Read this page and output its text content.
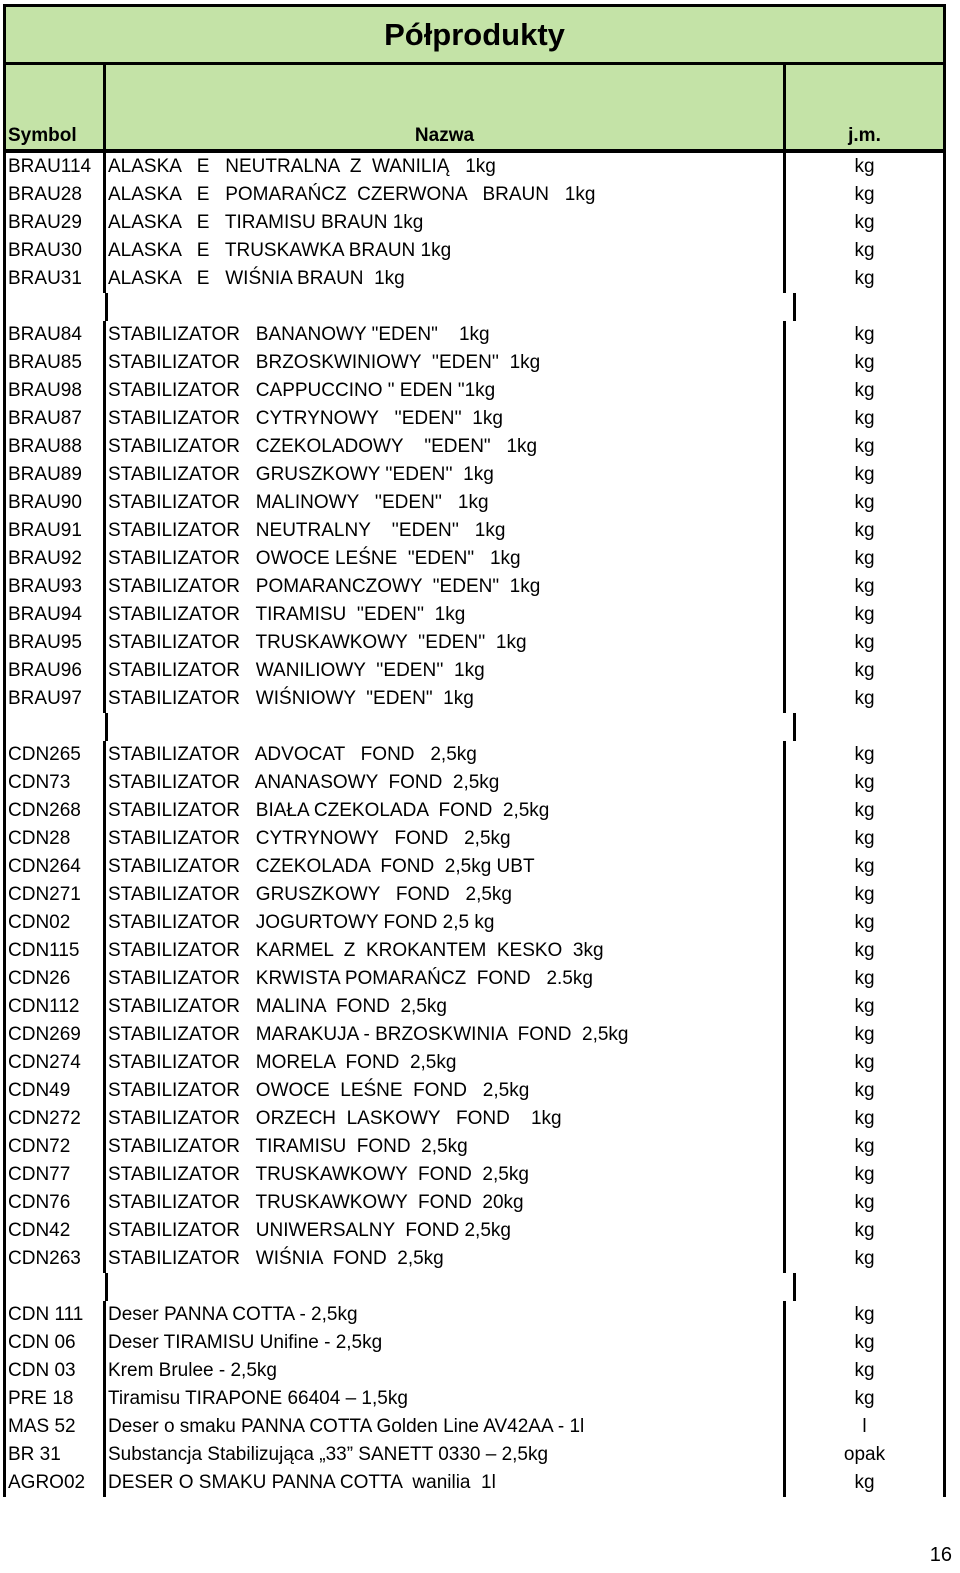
Półprodukty
Symbol	Nazwa	j.m.
BRAU114 ALASKA   E   NEUTRALNA  Z  WANILIĄ   1kg	kg
BRAU28	ALASKA   E   POMARAŃCZ  CZERWONA   BRAUN   1kg	kg
BRAU29	ALASKA   E   TIRAMISU BRAUN 1kg	kg
BRAU30	ALASKA   E   TRUSKAWKA BRAUN 1kg	kg
BRAU31	ALASKA   E   WIŚNIA BRAUN  1kg	kg
BRAU84	STABILIZATOR   BANANOWY "EDEN"    1kg	kg
BRAU85	STABILIZATOR   BRZOSKWINIOWY  ''EDEN''  1kg	kg
BRAU98	STABILIZATOR   CAPPUCCINO " EDEN "1kg	kg
BRAU87	STABILIZATOR   CYTRYNOWY   ''EDEN''  1kg	kg
BRAU88	STABILIZATOR   CZEKOLADOWY    "EDEN"   1kg	kg
BRAU89	STABILIZATOR   GRUSZKOWY ''EDEN''  1kg	kg
BRAU90	STABILIZATOR   MALINOWY   ''EDEN''   1kg	kg
BRAU91	STABILIZATOR   NEUTRALNY    ''EDEN''   1kg	kg
BRAU92	STABILIZATOR   OWOCE LEŚNE  "EDEN"   1kg	kg
BRAU93	STABILIZATOR   POMARANCZOWY  "EDEN"  1kg	kg
BRAU94	STABILIZATOR   TIRAMISU  ''EDEN''  1kg	kg
BRAU95	STABILIZATOR   TRUSKAWKOWY  ''EDEN''  1kg	kg
BRAU96	STABILIZATOR   WANILIOWY  ''EDEN''  1kg	kg
BRAU97	STABILIZATOR   WIŚNIOWY  "EDEN"  1kg	kg
CDN265	STABILIZATOR   ADVOCAT   FOND   2,5kg	kg
CDN73	STABILIZATOR   ANANASOWY  FOND  2,5kg	kg
CDN268	STABILIZATOR   BIAŁA CZEKOLADA  FOND  2,5kg	kg
CDN28	STABILIZATOR   CYTRYNOWY   FOND   2,5kg	kg
CDN264	STABILIZATOR   CZEKOLADA  FOND  2,5kg UBT	kg
CDN271	STABILIZATOR   GRUSZKOWY   FOND   2,5kg	kg
CDN02	STABILIZATOR   JOGURTOWY FOND 2,5 kg	kg
CDN115	STABILIZATOR   KARMEL  Z  KROKANTEM  KESKO  3kg	kg
CDN26	STABILIZATOR   KRWISTA POMARAŃCZ  FOND   2.5kg	kg
CDN112	STABILIZATOR   MALINA  FOND  2,5kg	kg
CDN269	STABILIZATOR   MARAKUJA - BRZOSKWINIA  FOND  2,5kg	kg
CDN274	STABILIZATOR   MORELA  FOND  2,5kg	kg
CDN49	STABILIZATOR   OWOCE  LEŚNE  FOND   2,5kg	kg
CDN272	STABILIZATOR   ORZECH  LASKOWY   FOND    1kg	kg
CDN72	STABILIZATOR   TIRAMISU  FOND  2,5kg	kg
CDN77	STABILIZATOR   TRUSKAWKOWY  FOND  2,5kg	kg
CDN76	STABILIZATOR   TRUSKAWKOWY  FOND  20kg	kg
CDN42	STABILIZATOR   UNIWERSALNY  FOND 2,5kg	kg
CDN263	STABILIZATOR   WIŚNIA  FOND  2,5kg	kg
CDN 111	Deser PANNA COTTA - 2,5kg	kg
CDN 06	Deser TIRAMISU Unifine - 2,5kg	kg
CDN 03	Krem Brulee - 2,5kg	kg
PRE 18	Tiramisu TIRAPONE 66404 – 1,5kg	kg
MAS 52	Deser o smaku PANNA COTTA Golden Line AV42AA - 1l	l
BR 31	Substancja Stabilizująca „33” SANETT 0330 – 2,5kg	opak
AGRO02	DESER O SMAKU PANNA COTTA  wanilia  1l	kg
16
